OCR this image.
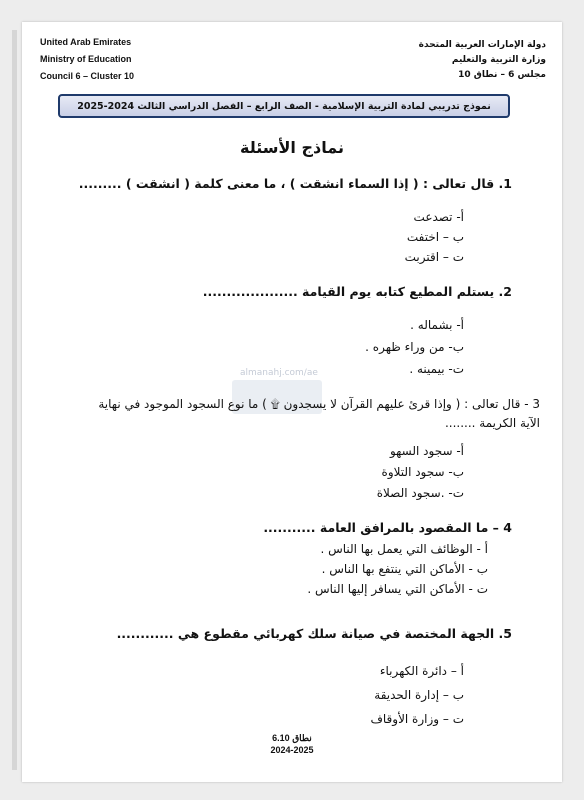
United Arab Emirates
Ministry of Education
Council 6 – Cluster 10
دولة الإمارات العربية المتحدة
وزارة التربية والتعليم
مجلس 6 – نطاق 10
نموذج تدريبي لمادة التربية الإسلامية - الصف الرابع – الفصل الدراسي الثالث 2024-2025
نماذج الأسئلة
1. قال تعالى : ( إذا السماء انشقت ) ، ما معنى كلمة ( انشقت ) .........
أ- تصدعت
ب – اختفت
ت – اقتربت
2. يستلم المطيع كتابه يوم القيامة ....................
أ- بشماله .
ب- من وراء ظهره .
ت- بيمينه .
almanahj.com/ae
3 - قال تعالى : ( وإذا قرئ عليهم القرآن لا يسجدون ۩ ) ما نوع السجود الموجود في نهاية
الآية الكريمة ........
أ- سجود السهو
ب- سجود التلاوة
ت- .سجود الصلاة
4 – ما المقصود بالمرافق العامة ...........
أ - الوظائف التي يعمل بها الناس .
ب - الأماكن التي ينتفع بها الناس .
ت - الأماكن التي يسافر إليها الناس .
5. الجهة المختصة في صيانة سلك كهربائي مقطوع هي ............
أ – دائرة الكهرباء
ب – إدارة الحديقة
ت – وزارة الأوقاف
نطاق 6.10
2024-2025
